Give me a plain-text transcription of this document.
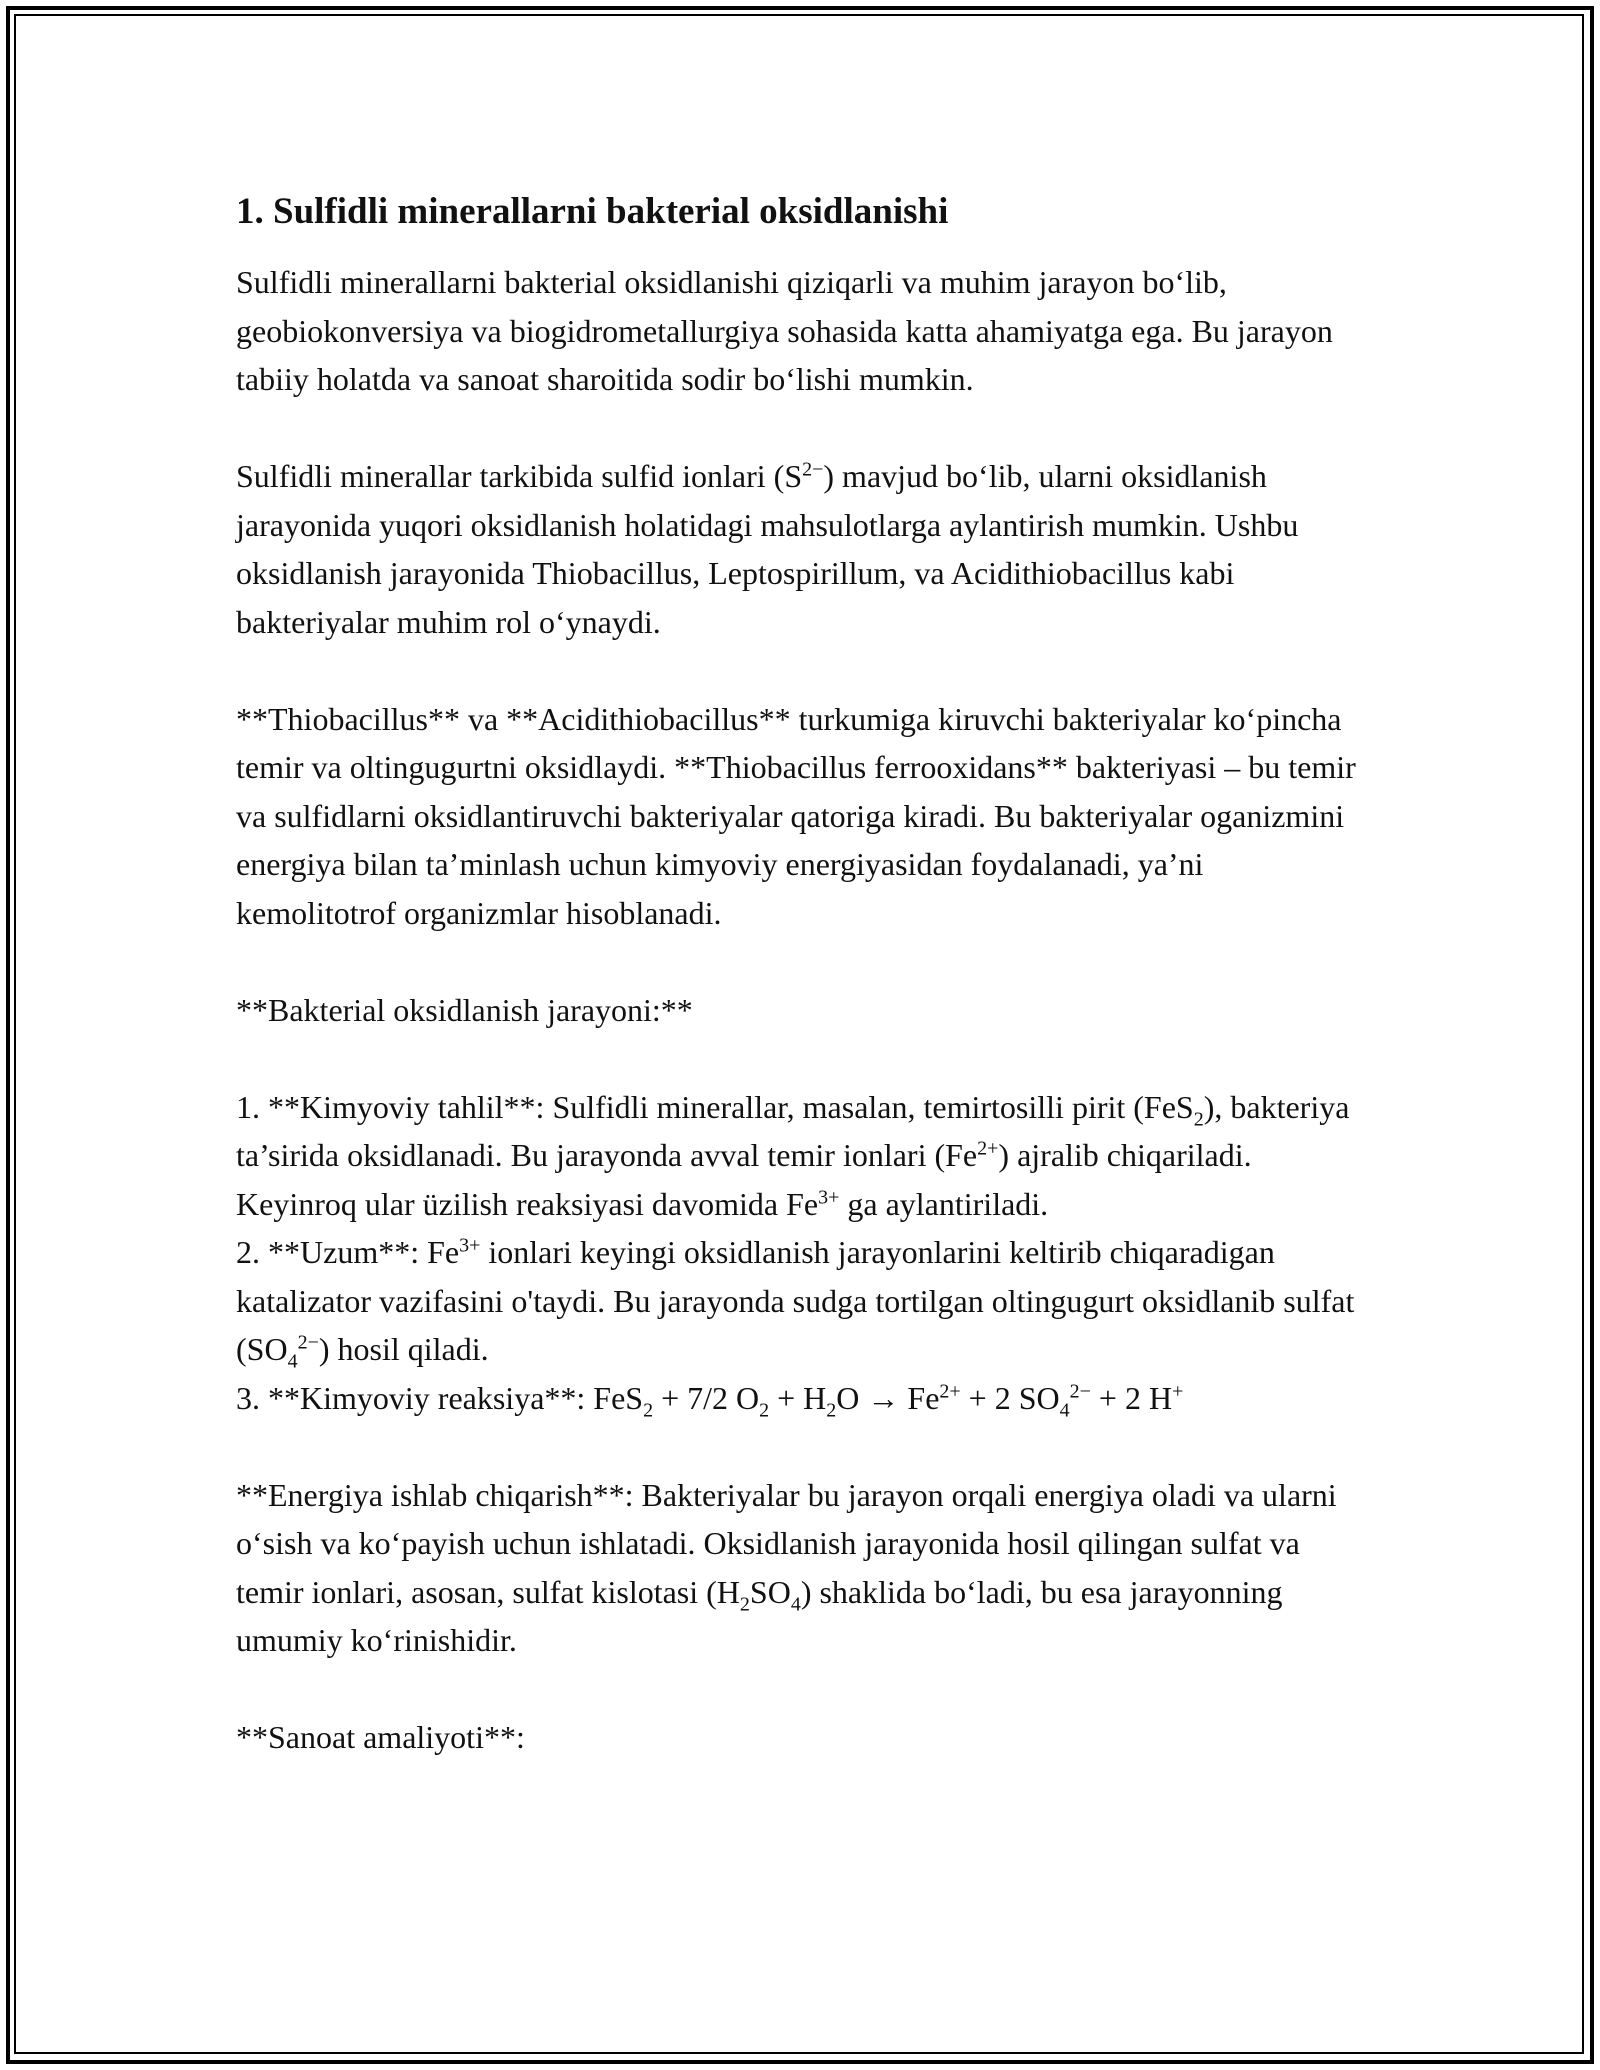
1. Sulfidli minerallarni bakterial oksidlanishi

Sulfidli minerallarni bakterial oksidlanishi qiziqarli va muhim jarayon bo‘lib, geobiokonversiya va biogidrometallurgiya sohasida katta ahamiyatga ega. Bu jarayon tabiiy holatda va sanoat sharoitida sodir bo‘lishi mumkin.

Sulfidli minerallar tarkibida sulfid ionlari $(S^{2-})$ mavjud bo‘lib, ularni oksidlanish jarayonida yuqori oksidlanish holatidagi mahsulotlarga aylantirish mumkin. Ushbu oksidlanish jarayonida Thiobacillus, Leptospirillum, va Acidithiobacillus kabi bakteriyalar muhim rol o‘ynaydi.

**Thiobacillus** va **Acidithiobacillus** turkumiga kiruvchi bakteriyalar ko‘pincha temir va oltingugurtni oksidlaydi. **Thiobacillus ferrooxidans** bakteriyasi – bu temir va sulfidlarni oksidlantiruvchi bakteriyalar qatoriga kiradi. Bu bakteriyalar oganizmini energiya bilan ta’minlash uchun kimyoviy energiyasidan foydalanadi, ya’ni kemolitotrof organizmlar hisoblanadi.

**Bakterial oksidlanish jarayoni:**

1. **Kimyoviy tahlil**: Sulfidli minerallar, masalan, temirtosilli pirit (FeS$_2$), bakteriya ta’sirida oksidlanadi. Bu jarayonda avval temir ionlari $(Fe^{2+})$ ajralib chiqariladi. Keyinroq ular üzilish reaksiyasi davomida $Fe^{3+}$ ga aylantiriladi.

2. **Uzum**: $Fe^{3+}$ ionlari keyingi oksidlanish jarayonlarini keltirib chiqaradigan katalizator vazifasini o'taydi. Bu jarayonda sudga tortilgan oltingugurt oksidlanib sulfat $(SO_4^{2-})$ hosil qiladi.

3. **Kimyoviy reaksiya**: FeS$_2$ + 7/2 $O_2 + H_2O \to Fe^{2+} + 2$ $SO_4^{2-} + 2$ H+

**Energiya ishlab chiqarish**: Bakteriyalar bu jarayon orqali energiya oladi va ularni o‘sish va ko‘payish uchun ishlatadi. Oksidlanish jarayonida hosil qilingan sulfat va temir ionlari, asosan, sulfat kislotasi $(H_2SO_4)$ shaklida bo‘ladi, bu esa jarayonning umumiy ko‘rinishidir.

**Sanoat amaliyoti**:
